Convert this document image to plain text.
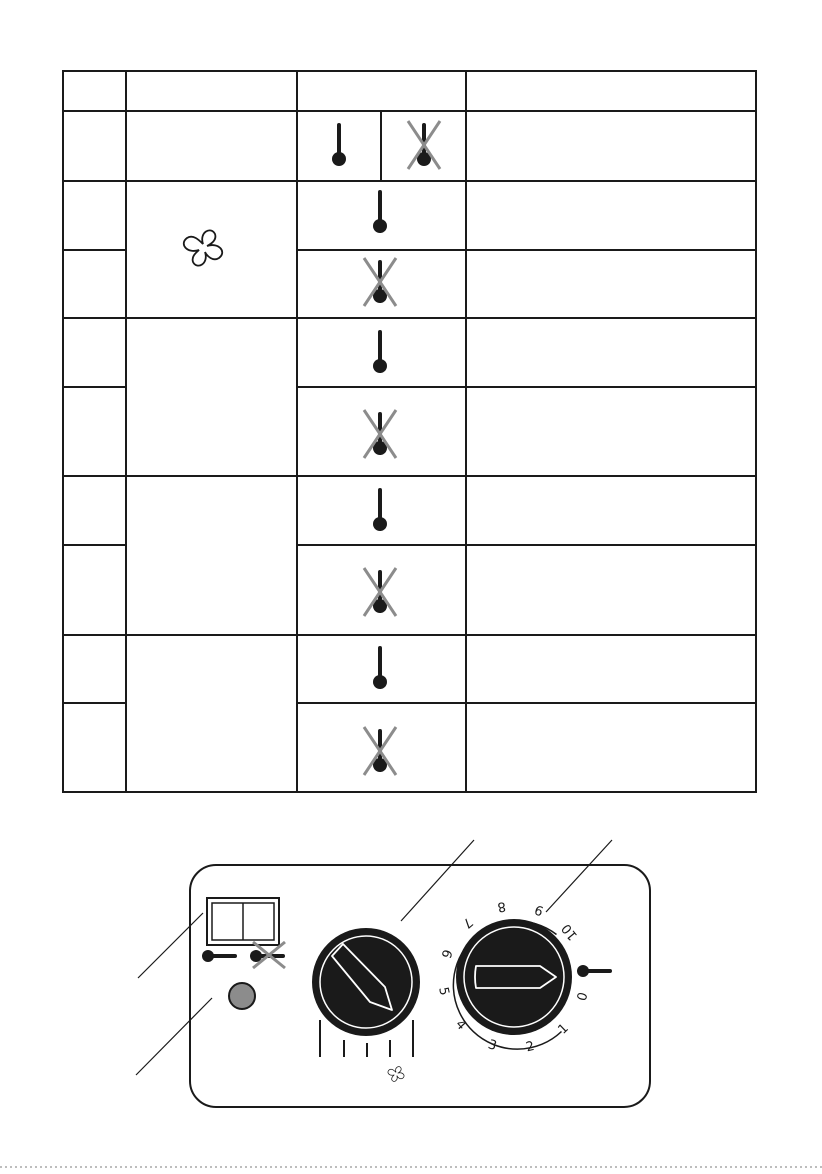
0
1
2
3
4
5
6
7
8 9
10
